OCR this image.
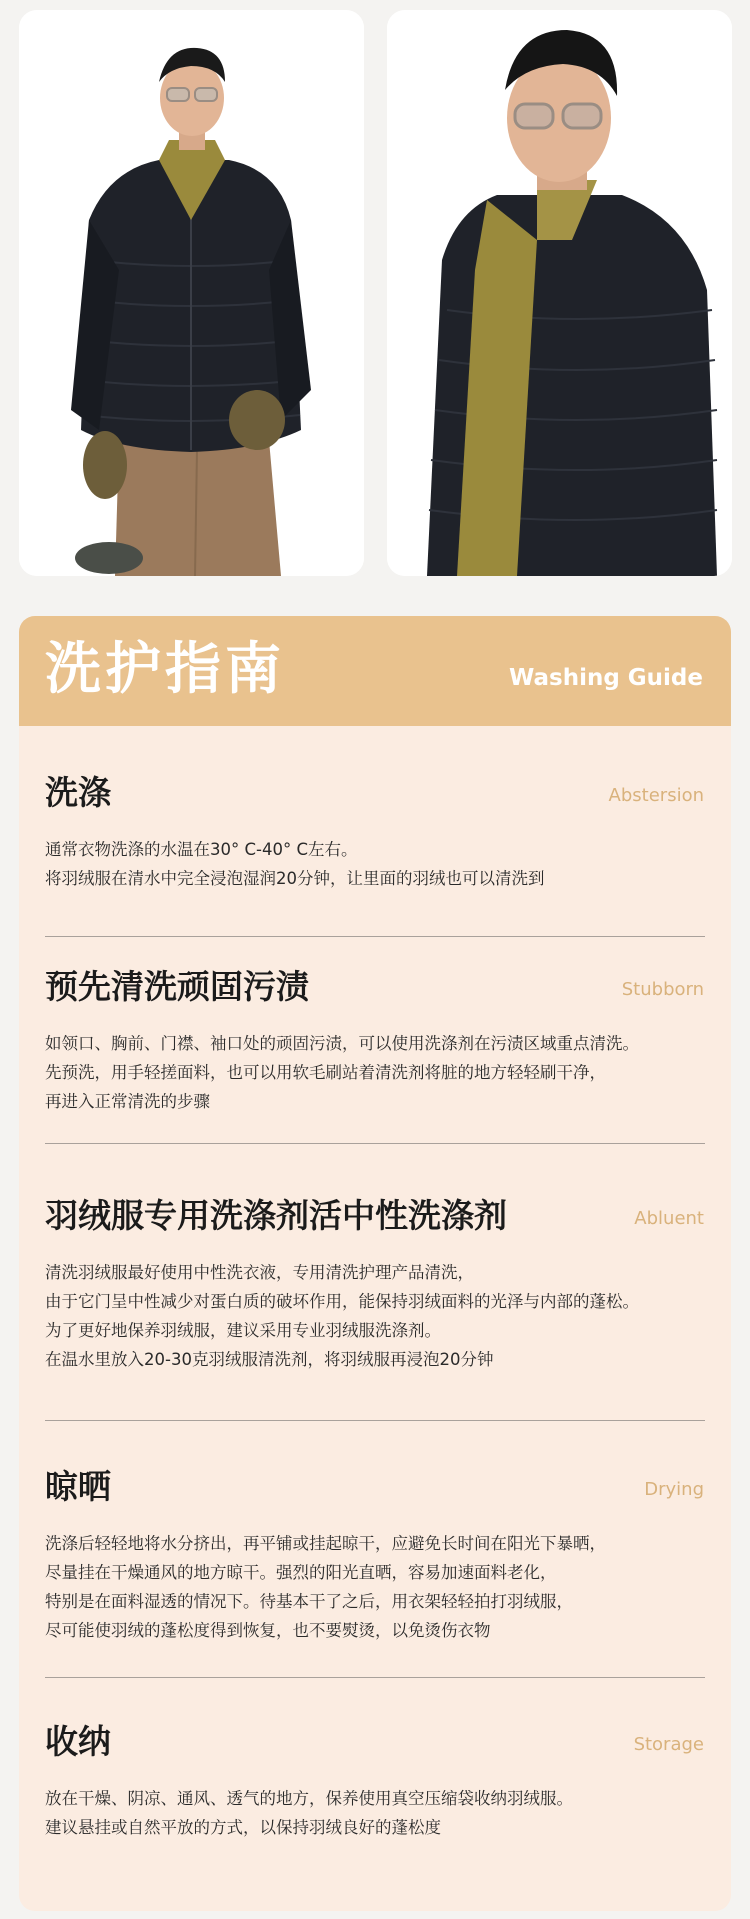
洗护指南	Washing Guide
洗涤	Abstersion
通常衣物洗涤的水温在30° C-40° C左右。
将羽绒服在清水中完全浸泡湿润20分钟，让里面的羽绒也可以清洗到
预先清洗顽固污渍	Stubborn
如领口、胸前、门襟、袖口处的顽固污渍，可以使用洗涤剂在污渍区域重点清洗。
先预洗，用手轻搓面料，也可以用软毛刷站着清洗剂将脏的地方轻轻刷干净，
再进入正常清洗的步骤
羽绒服专用洗涤剂活中性洗涤剂	Abluent
清洗羽绒服最好使用中性洗衣液，专用清洗护理产品清洗，
由于它门呈中性减少对蛋白质的破坏作用，能保持羽绒面料的光泽与内部的蓬松。
为了更好地保养羽绒服，建议采用专业羽绒服洗涤剂。
在温水里放入20-30克羽绒服清洗剂，将羽绒服再浸泡20分钟
晾晒	Drying
洗涤后轻轻地将水分挤出，再平铺或挂起晾干，应避免长时间在阳光下暴晒，
尽量挂在干燥通风的地方晾干。强烈的阳光直晒，容易加速面料老化，
特别是在面料湿透的情况下。待基本干了之后，用衣架轻轻拍打羽绒服，
尽可能使羽绒的蓬松度得到恢复，也不要熨烫，以免烫伤衣物
收纳	Storage
放在干燥、阴凉、通风、透气的地方，保养使用真空压缩袋收纳羽绒服。
建议悬挂或自然平放的方式，以保持羽绒良好的蓬松度
